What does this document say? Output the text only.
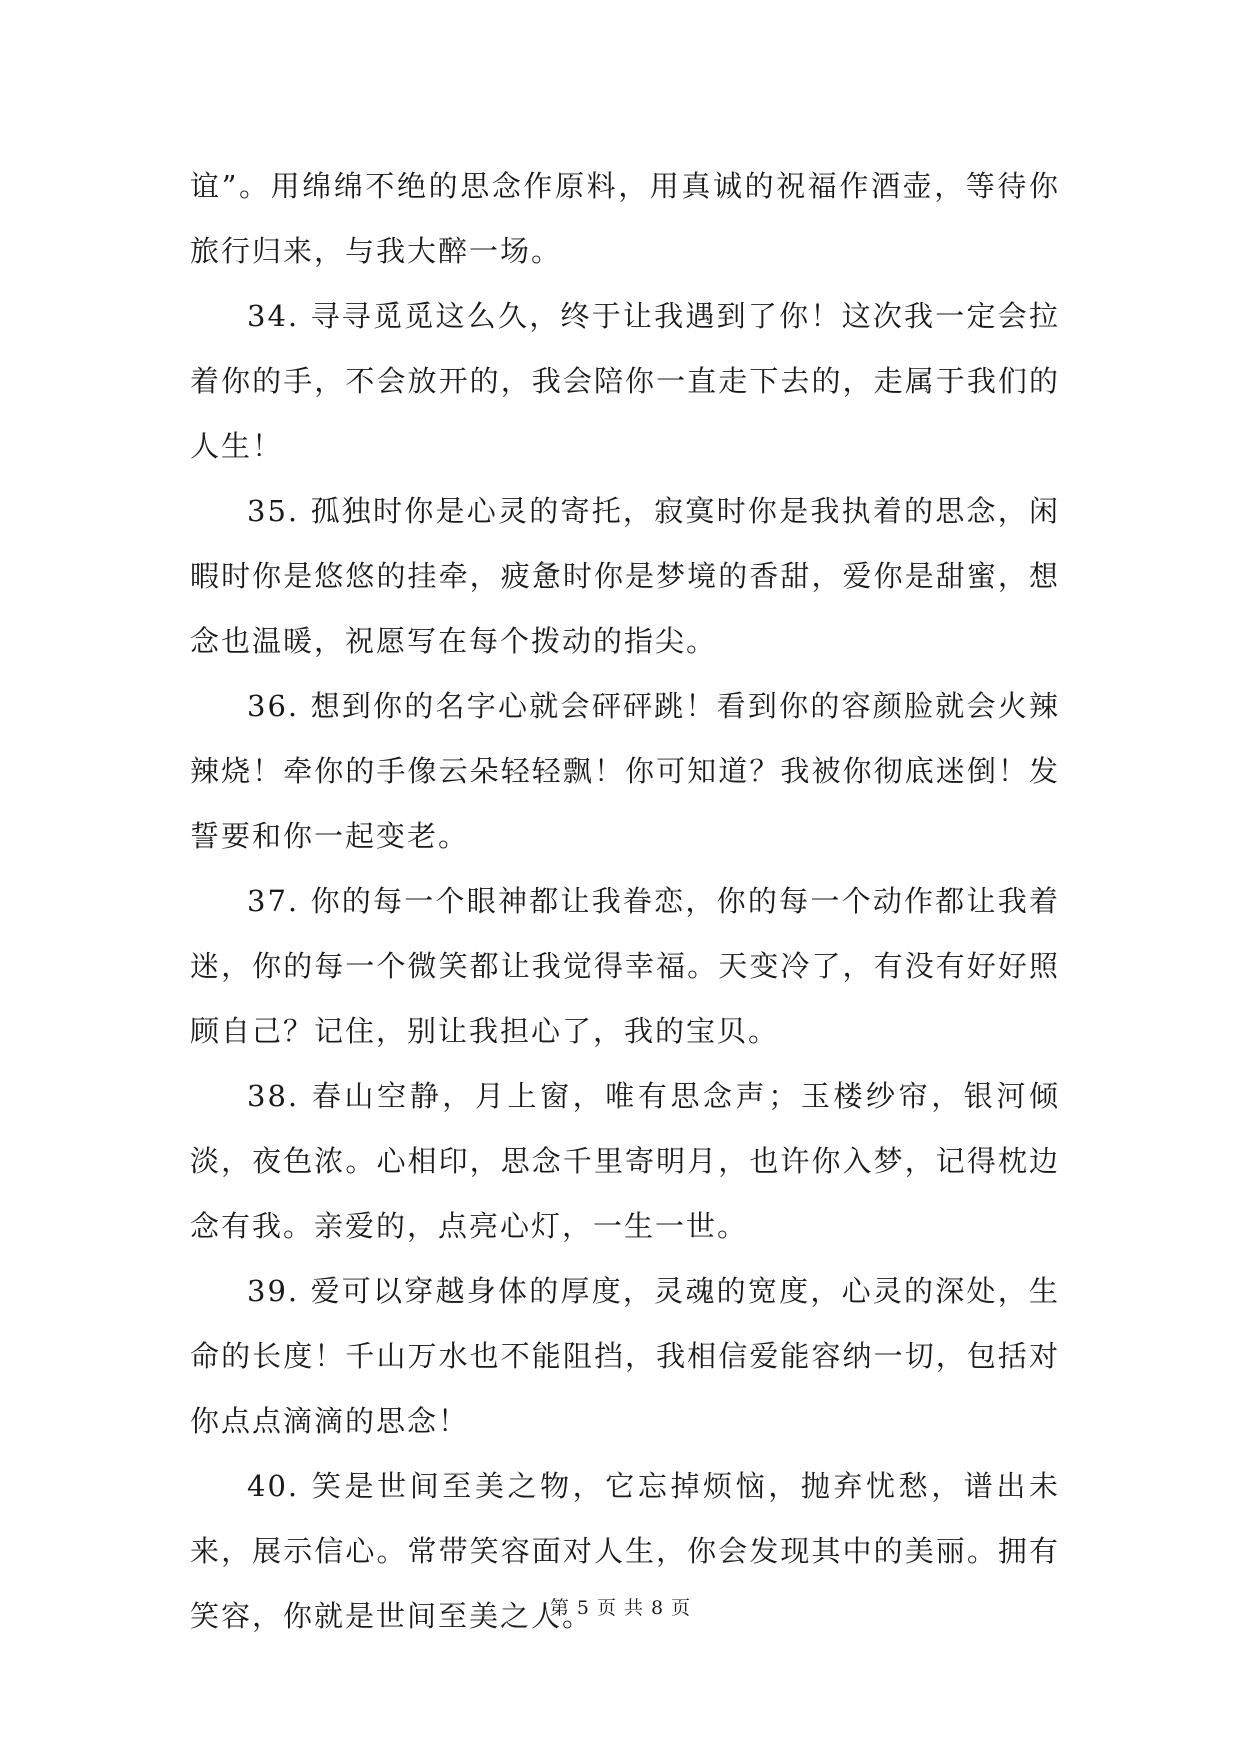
谊”。用绵绵不绝的思念作原料，用真诚的祝福作酒壶，等待你旅行归来，与我大醉一场。

34. 寻寻觅觅这么久，终于让我遇到了你！这次我一定会拉着你的手，不会放开的，我会陪你一直走下去的，走属于我们的人生！

35. 孤独时你是心灵的寄托，寂寞时你是我执着的思念，闲暇时你是悠悠的挂牵，疲惫时你是梦境的香甜，爱你是甜蜜，想念也温暖，祝愿写在每个拨动的指尖。

36. 想到你的名字心就会砰砰跳！看到你的容颜脸就会火辣辣烧！牵你的手像云朵轻轻飘！你可知道？我被你彻底迷倒！发誓要和你一起变老。

37. 你的每一个眼神都让我眷恋，你的每一个动作都让我着迷，你的每一个微笑都让我觉得幸福。天变冷了，有没有好好照顾自己？记住，别让我担心了，我的宝贝。

38. 春山空静，月上窗，唯有思念声；玉楼纱帘，银河倾淡，夜色浓。心相印，思念千里寄明月，也许你入梦，记得枕边念有我。亲爱的，点亮心灯，一生一世。

39. 爱可以穿越身体的厚度，灵魂的宽度，心灵的深处，生命的长度！千山万水也不能阻挡，我相信爱能容纳一切，包括对你点点滴滴的思念！

40. 笑是世间至美之物，它忘掉烦恼，抛弃忧愁，谱出未来，展示信心。常带笑容面对人生，你会发现其中的美丽。拥有笑容，你就是世间至美之人。

第 5 页 共 8 页
